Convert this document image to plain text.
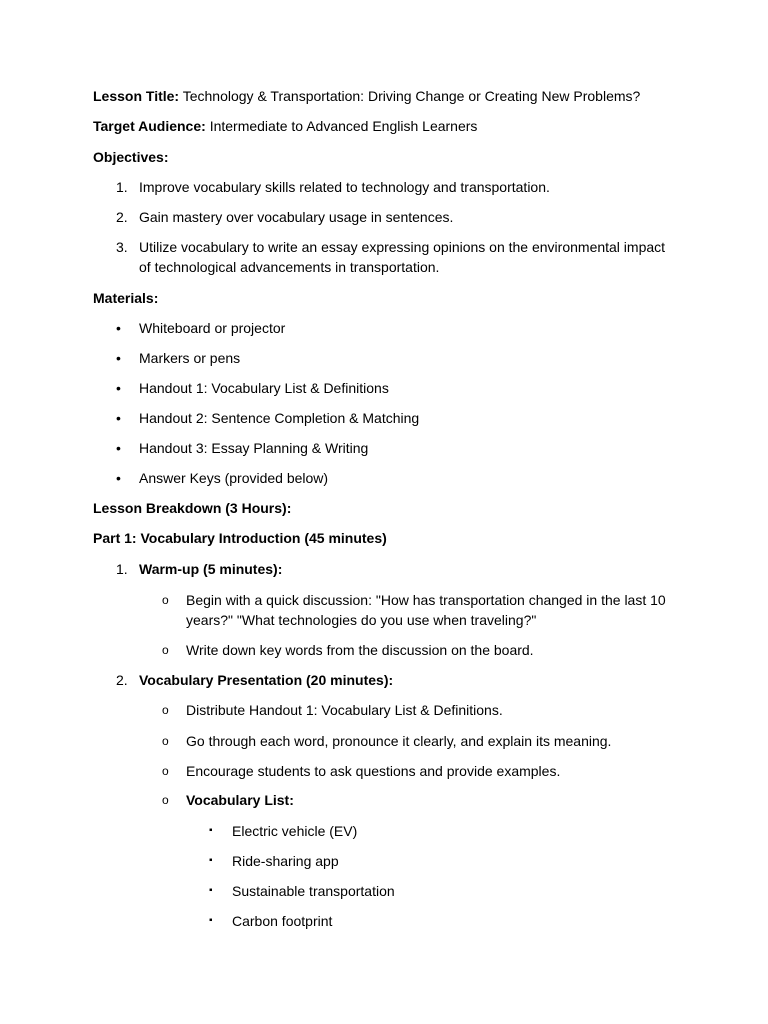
Lesson Title: Technology & Transportation: Driving Change or Creating New Problems?
Target Audience: Intermediate to Advanced English Learners
Objectives:
1. Improve vocabulary skills related to technology and transportation.
2. Gain mastery over vocabulary usage in sentences.
3. Utilize vocabulary to write an essay expressing opinions on the environmental impact
of technological advancements in transportation.
Materials:
•
Whiteboard or projector
•
Markers or pens
•
Handout 1: Vocabulary List & Definitions
•
Handout 2: Sentence Completion & Matching
•
Handout 3: Essay Planning & Writing
•
Answer Keys (provided below)
Lesson Breakdown (3 Hours):
Part 1: Vocabulary Introduction (45 minutes)
1. Warm-up (5 minutes):
o Begin with a quick discussion: "How has transportation changed in the last 10
years?" "What technologies do you use when traveling?"
o Write down key words from the discussion on the board.
2. Vocabulary Presentation (20 minutes):
o Distribute Handout 1: Vocabulary List & Definitions.
o Go through each word, pronounce it clearly, and explain its meaning.
o Encourage students to ask questions and provide examples.
o Vocabulary List:
▪ Electric vehicle (EV)
▪ Ride-sharing app
▪ Sustainable transportation
▪ Carbon footprint
